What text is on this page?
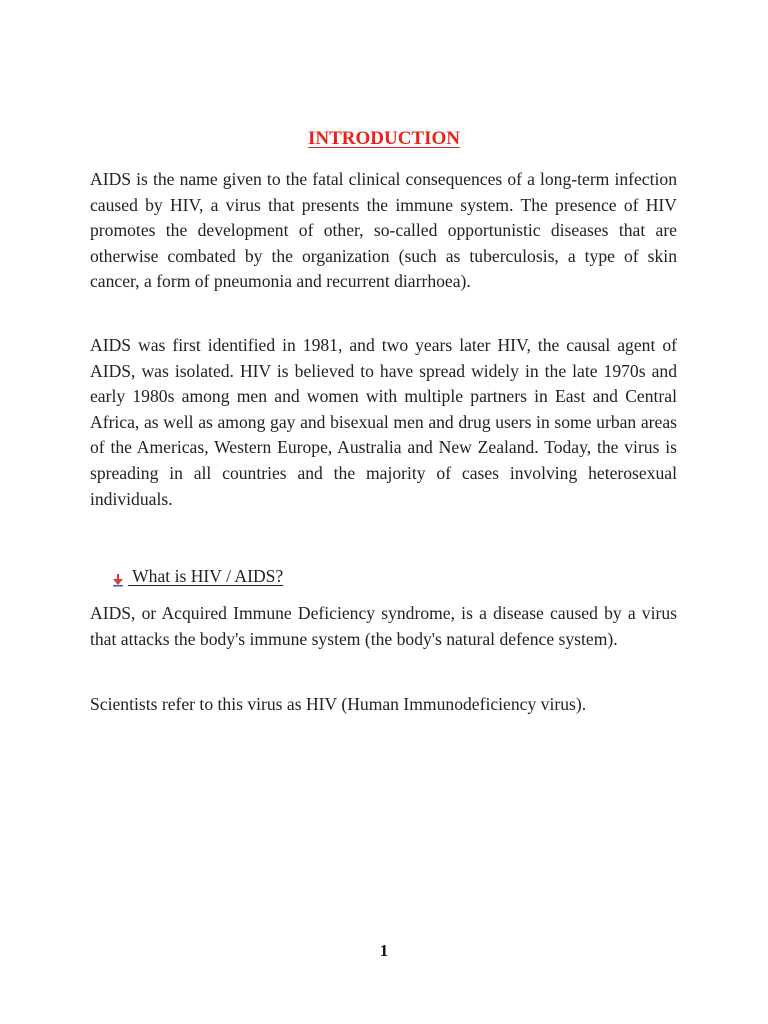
INTRODUCTION

AIDS is the name given to the fatal clinical consequences of a long-term infection caused by HIV, a virus that presents the immune system. The presence of HIV promotes the development of other, so-called opportunistic diseases that are otherwise combated by the organization (such as tuberculosis, a type of skin cancer, a form of pneumonia and recurrent diarrhoea).

AIDS was first identified in 1981, and two years later HIV, the causal agent of AIDS, was isolated. HIV is believed to have spread widely in the late 1970s and early 1980s among men and women with multiple partners in East and Central Africa, as well as among gay and bisexual men and drug users in some urban areas of the Americas, Western Europe, Australia and New Zealand. Today, the virus is spreading in all countries and the majority of cases involving heterosexual individuals.

What is HIV / AIDS?

AIDS, or Acquired Immune Deficiency syndrome, is a disease caused by a virus that attacks the body's immune system (the body's natural defence system).

Scientists refer to this virus as HIV (Human Immunodeficiency virus).

1
